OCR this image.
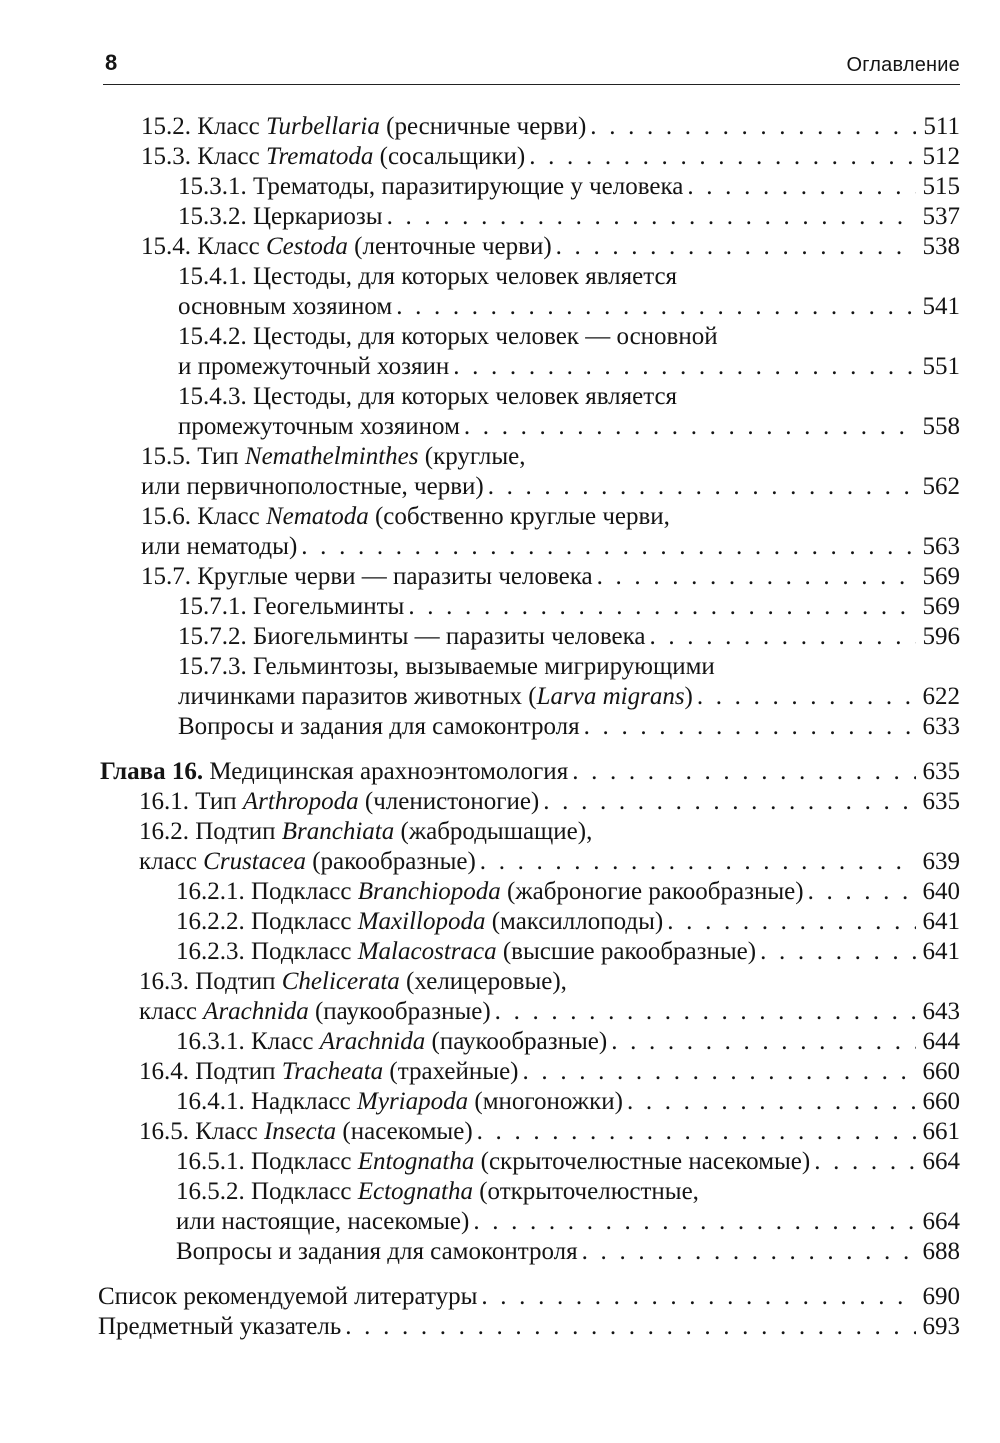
8	Оглавление
15.2. Класс Turbellaria (ресничные черви) . . .	511
15.3. Класс Trematoda (сосальщики) . . .	512
15.3.1. Трематоды, паразитирующие у человека . . .	515
15.3.2. Церкариозы . . .	537
15.4. Класс Cestoda (ленточные черви) . . .	538
15.4.1. Цестоды, для которых человек является
основным хозяином . . .	541
15.4.2. Цестоды, для которых человек — основной
и промежуточный хозяин . . .	551
15.4.3. Цестоды, для которых человек является
промежуточным хозяином . . .	558
15.5. Тип Nemathelminthes (круглые,
или первичнополостные, черви) . . .	562
15.6. Класс Nematoda (собственно круглые черви,
или нематоды) . . .	563
15.7. Круглые черви — паразиты человека . . .	569
15.7.1. Геогельминты . . .	569
15.7.2. Биогельминты — паразиты человека . . .	596
15.7.3. Гельминтозы, вызываемые мигрирующими
личинками паразитов животных (Larva migrans) . . .	622
Вопросы и задания для самоконтроля . . .	633
Глава 16. Медицинская арахноэнтомология . . .	635
16.1. Тип Arthropoda (членистоногие) . . .	635
16.2. Подтип Branchiata (жабродышащие),
класс Crustacea (ракообразные) . . .	639
16.2.1. Подкласс Branchiopoda (жаброногие ракообразные) . . .	640
16.2.2. Подкласс Maxillopoda (максиллоподы) . . .	641
16.2.3. Подкласс Malacostraca (высшие ракообразные) . . .	641
16.3. Подтип Chelicerata (хелицеровые),
класс Arachnida (паукообразные) . . .	643
16.3.1. Класс Arachnida (паукообразные) . . .	644
16.4. Подтип Tracheata (трахейные) . . .	660
16.4.1. Надкласс Myriapoda (многоножки) . . .	660
16.5. Класс Insecta (насекомые) . . .	661
16.5.1. Подкласс Entognatha (скрыточелюстные насекомые) . . .	664
16.5.2. Подкласс Ectognatha (открыточелюстные,
или настоящие, насекомые) . . .	664
Вопросы и задания для самоконтроля . . .	688
Список рекомендуемой литературы . . .	690
Предметный указатель . . .	693
